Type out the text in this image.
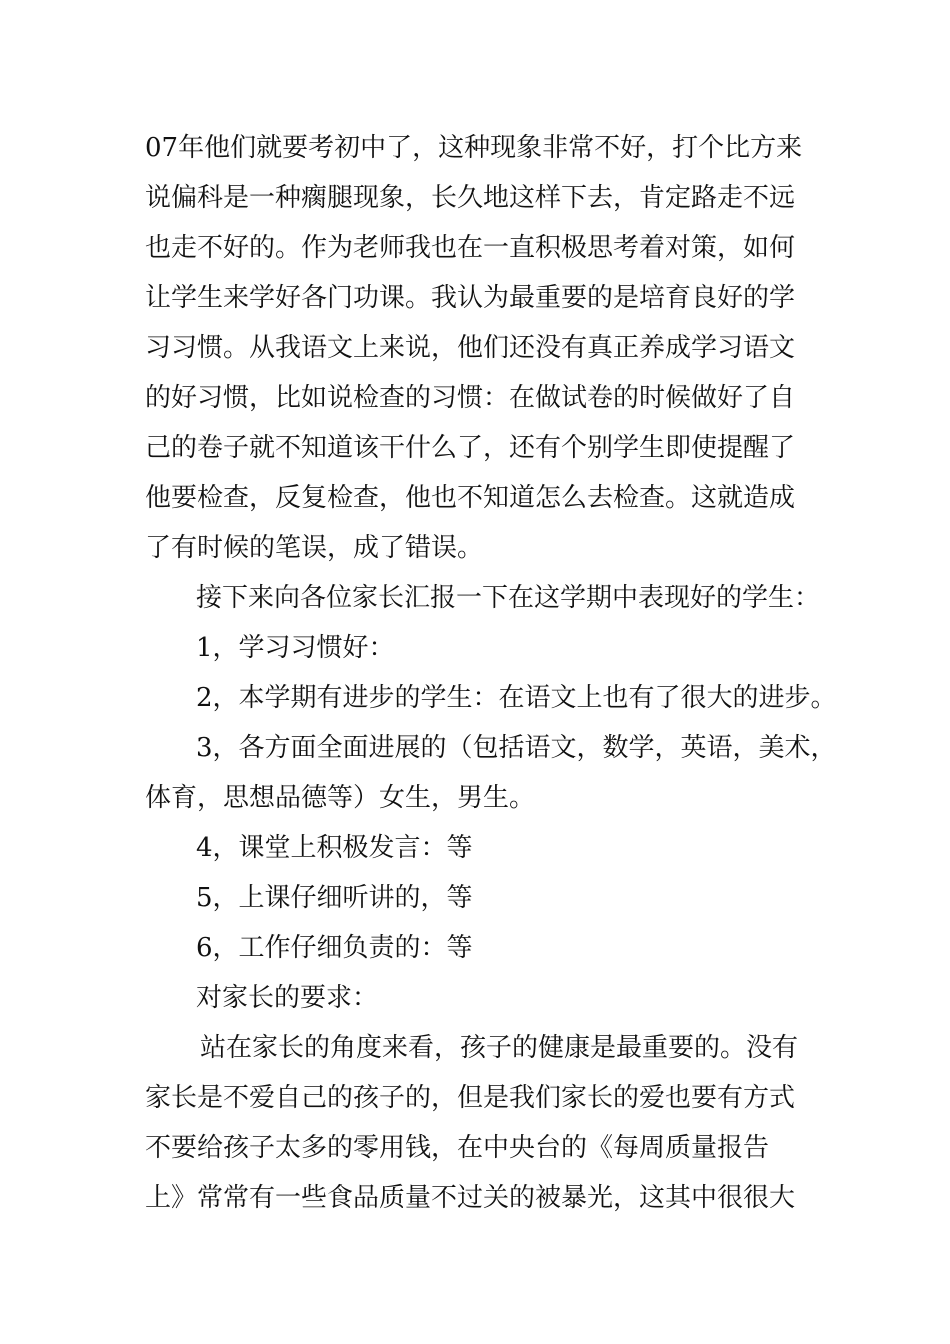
07年他们就要考初中了，这种现象非常不好，打个比方来
说偏科是一种瘸腿现象，长久地这样下去，肯定路走不远
也走不好的。作为老师我也在一直积极思考着对策，如何
让学生来学好各门功课。我认为最重要的是培育良好的学
习习惯。从我语文上来说，他们还没有真正养成学习语文
的好习惯，比如说检查的习惯：在做试卷的时候做好了自
己的卷子就不知道该干什么了，还有个别学生即使提醒了
他要检查，反复检查，他也不知道怎么去检查。这就造成
了有时候的笔误，成了错误。
接下来向各位家长汇报一下在这学期中表现好的学生：
1，学习习惯好：
2，本学期有进步的学生：在语文上也有了很大的进步。
3，各方面全面进展的（包括语文，数学，英语，美术，
体育，思想品德等）女生，男生。
4，课堂上积极发言：等
5，上课仔细听讲的，等
6，工作仔细负责的：等
对家长的要求：
站在家长的角度来看，孩子的健康是最重要的。没有
家长是不爱自己的孩子的，但是我们家长的爱也要有方式
不要给孩子太多的零用钱，在中央台的《每周质量报告
上》常常有一些食品质量不过关的被暴光，这其中很很大
